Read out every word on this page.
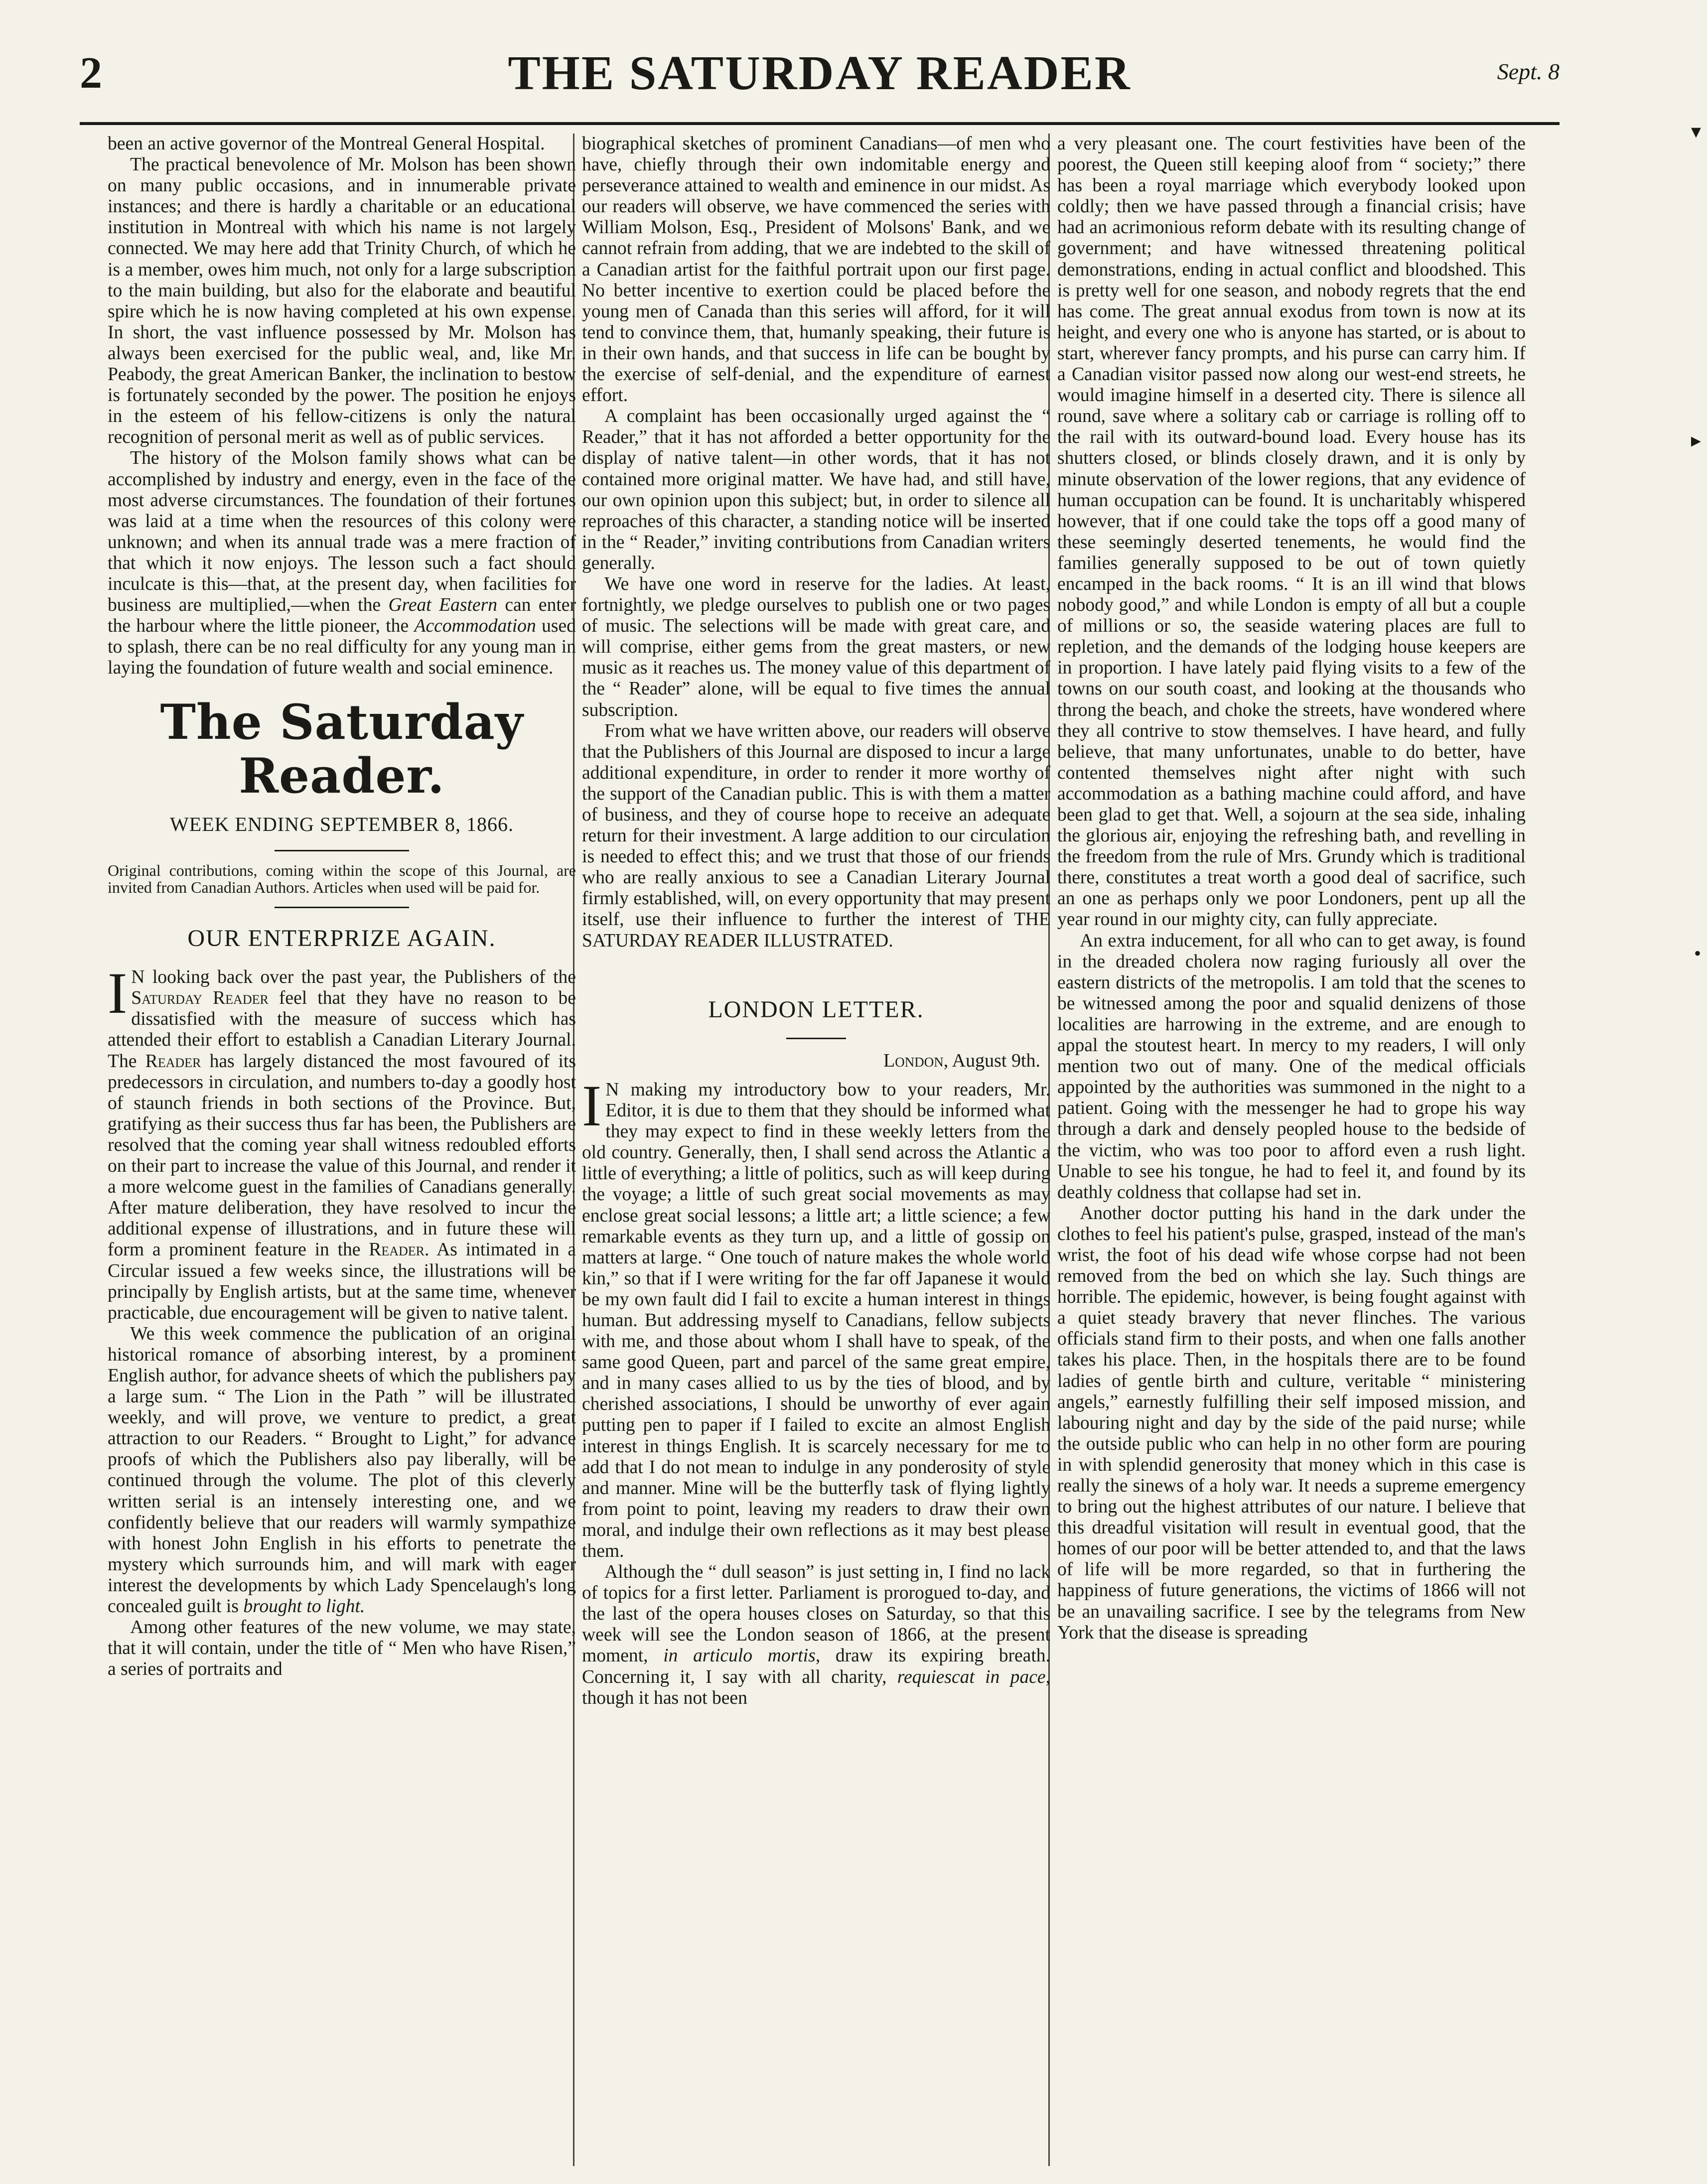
2	THE SATURDAY READER	Sept. 8

been an active governor of the Montreal General Hospital.

The practical benevolence of Mr. Molson has been shown on many public occasions, and in innumerable private instances; and there is hardly a charitable or an educational institution in Montreal with which his name is not largely connected. We may here add that Trinity Church, of which he is a member, owes him much, not only for a large subscription to the main building, but also for the elaborate and beautiful spire which he is now having completed at his own expense. In short, the vast influence possessed by Mr. Molson has always been exercised for the public weal, and, like Mr. Peabody, the great American Banker, the inclination to bestow is fortunately seconded by the power. The position he enjoys in the esteem of his fellow-citizens is only the natural recognition of personal merit as well as of public services.

The history of the Molson family shows what can be accomplished by industry and energy, even in the face of the most adverse circumstances. The foundation of their fortunes was laid at a time when the resources of this colony were unknown; and when its annual trade was a mere fraction of that which it now enjoys. The lesson such a fact should inculcate is this—that, at the present day, when facilities for business are multiplied,—when the Great Eastern can enter the harbour where the little pioneer, the Accommodation used to splash, there can be no real difficulty for any young man in laying the foundation of future wealth and social eminence.

The Saturday Reader.
WEEK ENDING SEPTEMBER 8, 1866.

Original contributions, coming within the scope of this Journal, are invited from Canadian Authors. Articles when used will be paid for.

OUR ENTERPRIZE AGAIN.

I N looking back over the past year, the Publishers of the Saturday Reader feel that they have no reason to be dissatisfied with the measure of success which has attended their effort to establish a Canadian Literary Journal. The Reader has largely distanced the most favoured of its predecessors in circulation, and numbers to-day a goodly host of staunch friends in both sections of the Province. But, gratifying as their success thus far has been, the Publishers are resolved that the coming year shall witness redoubled efforts on their part to increase the value of this Journal, and render it a more welcome guest in the families of Canadians generally. After mature deliberation, they have resolved to incur the additional expense of illustrations, and in future these will form a prominent feature in the Reader. As intimated in a Circular issued a few weeks since, the illustrations will be principally by English artists, but at the same time, whenever practicable, due encouragement will be given to native talent.

We this week commence the publication of an original historical romance of absorbing interest, by a prominent English author, for advance sheets of which the publishers pay a large sum. “ The Lion in the Path ” will be illustrated weekly, and will prove, we venture to predict, a great attraction to our Readers. “ Brought to Light,” for advance proofs of which the Publishers also pay liberally, will be continued through the volume. The plot of this cleverly written serial is an intensely interesting one, and we confidently believe that our readers will warmly sympathize with honest John English in his efforts to penetrate the mystery which surrounds him, and will mark with eager interest the developments by which Lady Spencelaugh's long concealed guilt is brought to light.

Among other features of the new volume, we may state, that it will contain, under the title of “ Men who have Risen,” a series of portraits and

biographical sketches of prominent Canadians—of men who have, chiefly through their own indomitable energy and perseverance attained to wealth and eminence in our midst. As our readers will observe, we have commenced the series with William Molson, Esq., President of Molsons' Bank, and we cannot refrain from adding, that we are indebted to the skill of a Canadian artist for the faithful portrait upon our first page. No better incentive to exertion could be placed before the young men of Canada than this series will afford, for it will tend to convince them, that, humanly speaking, their future is in their own hands, and that success in life can be bought by the exercise of self-denial, and the expenditure of earnest effort.

A complaint has been occasionally urged against the “ Reader,” that it has not afforded a better opportunity for the display of native talent—in other words, that it has not contained more original matter. We have had, and still have, our own opinion upon this subject; but, in order to silence all reproaches of this character, a standing notice will be inserted in the “ Reader,” inviting contributions from Canadian writers generally.

We have one word in reserve for the ladies. At least, fortnightly, we pledge ourselves to publish one or two pages of music. The selections will be made with great care, and will comprise, either gems from the great masters, or new music as it reaches us. The money value of this department of the “ Reader” alone, will be equal to five times the annual subscription.

From what we have written above, our readers will observe that the Publishers of this Journal are disposed to incur a large additional expenditure, in order to render it more worthy of the support of the Canadian public. This is with them a matter of business, and they of course hope to receive an adequate return for their investment. A large addition to our circulation is needed to effect this; and we trust that those of our friends who are really anxious to see a Canadian Literary Journal firmly established, will, on every opportunity that may present itself, use their influence to further the interest of THE SATURDAY READER ILLUSTRATED.

LONDON LETTER.
London, August 9th.

I N making my introductory bow to your readers, Mr. Editor, it is due to them that they should be informed what they may expect to find in these weekly letters from the old country. Generally, then, I shall send across the Atlantic a little of everything; a little of politics, such as will keep during the voyage; a little of such great social movements as may enclose great social lessons; a little art; a little science; a few remarkable events as they turn up, and a little of gossip on matters at large. “ One touch of nature makes the whole world kin,” so that if I were writing for the far off Japanese it would be my own fault did I fail to excite a human interest in things human. But addressing myself to Canadians, fellow subjects with me, and those about whom I shall have to speak, of the same good Queen, part and parcel of the same great empire, and in many cases allied to us by the ties of blood, and by cherished associations, I should be unworthy of ever again putting pen to paper if I failed to excite an almost English interest in things English. It is scarcely necessary for me to add that I do not mean to indulge in any ponderosity of style and manner. Mine will be the butterfly task of flying lightly from point to point, leaving my readers to draw their own moral, and indulge their own reflections as it may best please them.

Although the “ dull season” is just setting in, I find no lack of topics for a first letter. Parliament is prorogued to-day, and the last of the opera houses closes on Saturday, so that this week will see the London season of 1866, at the present moment, in articulo mortis, draw its expiring breath. Concerning it, I say with all charity, requiescat in pace, though it has not been

a very pleasant one. The court festivities have been of the poorest, the Queen still keeping aloof from “ society;” there has been a royal marriage which everybody looked upon coldly; then we have passed through a financial crisis; have had an acrimonious reform debate with its resulting change of government; and have witnessed threatening political demonstrations, ending in actual conflict and bloodshed. This is pretty well for one season, and nobody regrets that the end has come. The great annual exodus from town is now at its height, and every one who is anyone has started, or is about to start, wherever fancy prompts, and his purse can carry him. If a Canadian visitor passed now along our west-end streets, he would imagine himself in a deserted city. There is silence all round, save where a solitary cab or carriage is rolling off to the rail with its outward-bound load. Every house has its shutters closed, or blinds closely drawn, and it is only by minute observation of the lower regions, that any evidence of human occupation can be found. It is uncharitably whispered however, that if one could take the tops off a good many of these seemingly deserted tenements, he would find the families generally supposed to be out of town quietly encamped in the back rooms. “ It is an ill wind that blows nobody good,” and while London is empty of all but a couple of millions or so, the seaside watering places are full to repletion, and the demands of the lodging house keepers are in proportion. I have lately paid flying visits to a few of the towns on our south coast, and looking at the thousands who throng the beach, and choke the streets, have wondered where they all contrive to stow themselves. I have heard, and fully believe, that many unfortunates, unable to do better, have contented themselves night after night with such accommodation as a bathing machine could afford, and have been glad to get that. Well, a sojourn at the sea side, inhaling the glorious air, enjoying the refreshing bath, and revelling in the freedom from the rule of Mrs. Grundy which is traditional there, constitutes a treat worth a good deal of sacrifice, such an one as perhaps only we poor Londoners, pent up all the year round in our mighty city, can fully appreciate.

An extra inducement, for all who can to get away, is found in the dreaded cholera now raging furiously all over the eastern districts of the metropolis. I am told that the scenes to be witnessed among the poor and squalid denizens of those localities are harrowing in the extreme, and are enough to appal the stoutest heart. In mercy to my readers, I will only mention two out of many. One of the medical officials appointed by the authorities was summoned in the night to a patient. Going with the messenger he had to grope his way through a dark and densely peopled house to the bedside of the victim, who was too poor to afford even a rush light. Unable to see his tongue, he had to feel it, and found by its deathly coldness that collapse had set in.

Another doctor putting his hand in the dark under the clothes to feel his patient's pulse, grasped, instead of the man's wrist, the foot of his dead wife whose corpse had not been removed from the bed on which she lay. Such things are horrible. The epidemic, however, is being fought against with a quiet steady bravery that never flinches. The various officials stand firm to their posts, and when one falls another takes his place. Then, in the hospitals there are to be found ladies of gentle birth and culture, veritable “ ministering angels,” earnestly fulfilling their self imposed mission, and labouring night and day by the side of the paid nurse; while the outside public who can help in no other form are pouring in with splendid generosity that money which in this case is really the sinews of a holy war. It needs a supreme emergency to bring out the highest attributes of our nature. I believe that this dreadful visitation will result in eventual good, that the homes of our poor will be better attended to, and that the laws of life will be more regarded, so that in furthering the happiness of future generations, the victims of 1866 will not be an unavailing sacrifice. I see by the telegrams from New York that the disease is spreading

▾
▸
•
